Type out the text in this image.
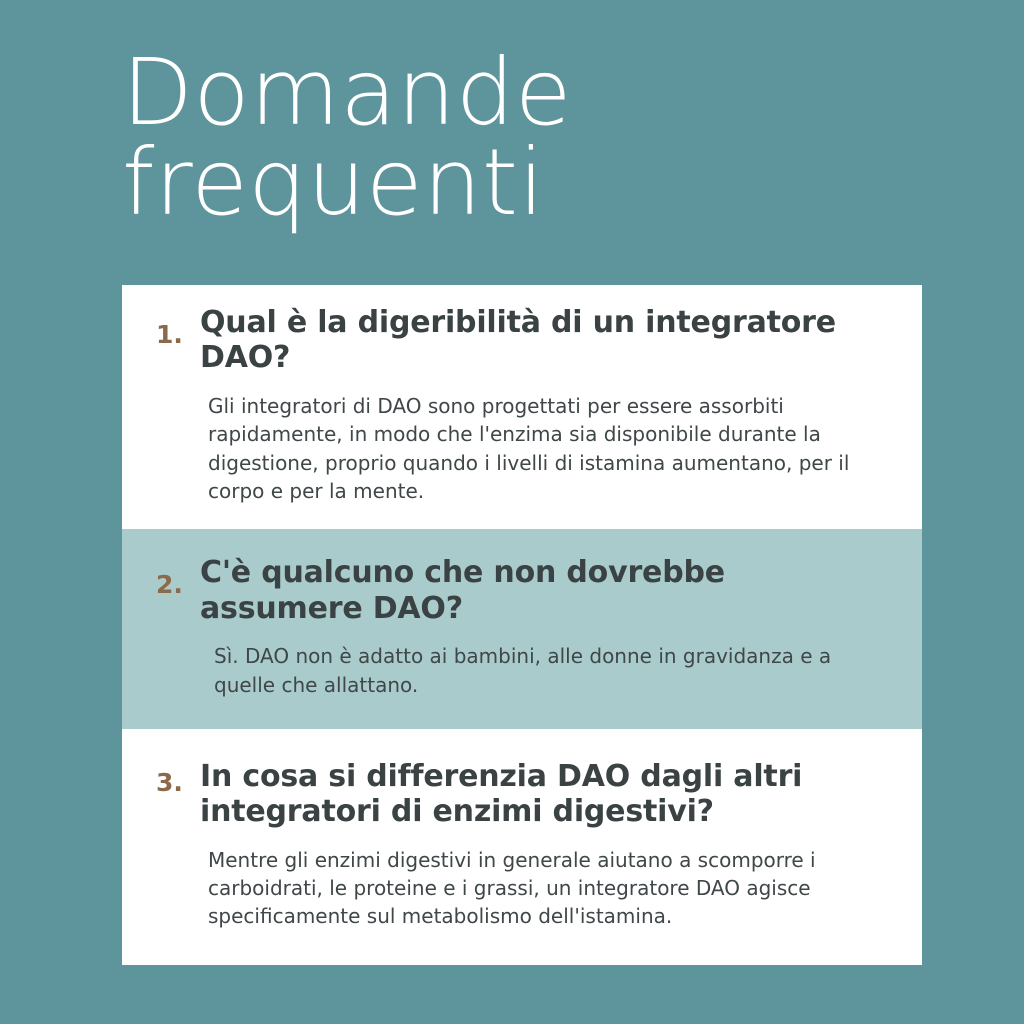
Domande
frequenti
1. Qual è la digeribilità di un integratore DAO?
Gli integratori di DAO sono progettati per essere assorbiti rapidamente, in modo che l'enzima sia disponibile durante la digestione, proprio quando i livelli di istamina aumentano, per il corpo e per la mente.
2. C'è qualcuno che non dovrebbe assumere DAO?
Sì. DAO non è adatto ai bambini, alle donne in gravidanza e a quelle che allattano.
3. In cosa si differenzia DAO dagli altri integratori di enzimi digestivi?
Mentre gli enzimi digestivi in generale aiutano a scomporre i carboidrati, le proteine e i grassi, un integratore DAO agisce specificamente sul metabolismo dell'istamina.
